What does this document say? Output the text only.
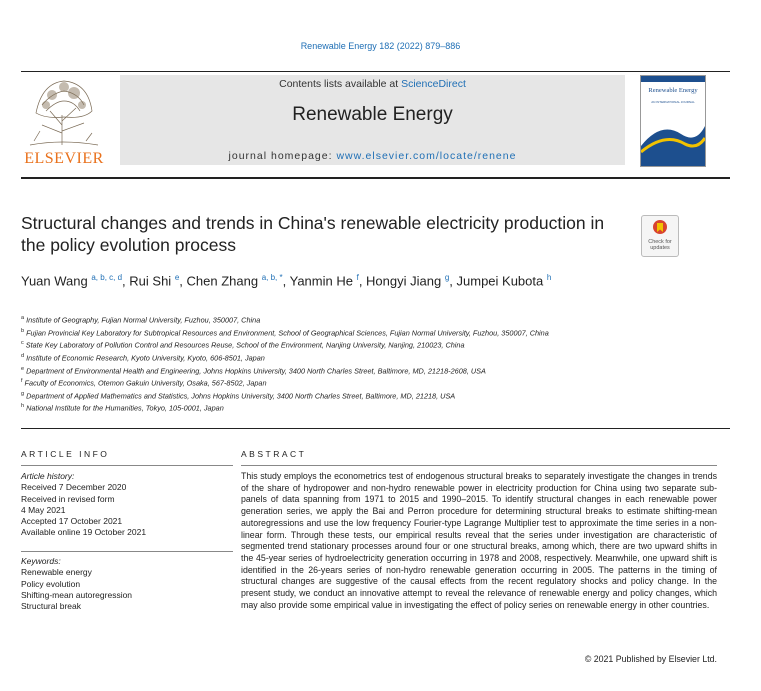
Renewable Energy 182 (2022) 879–886
ELSEVIER
Contents lists available at ScienceDirect
Renewable Energy
journal homepage: www.elsevier.com/locate/renene
Renewable Energy
AN INTERNATIONAL JOURNAL
Structural changes and trends in China's renewable electricity production in the policy evolution process	Check for updates
Yuan Wang $^{a, b, c, d}$, Rui Shi $^e$, Chen Zhang $^{a, b, *}$, Yanmin He $^f$, Hongyi Jiang $^g$, Jumpei Kubota $^h$
$^a$ Institute of Geography, Fujian Normal University, Fuzhou, 350007, China
$^b$ Fujian Provincial Key Laboratory for Subtropical Resources and Environment, School of Geographical Sciences, Fujian Normal University, Fuzhou, 350007, China
$^c$ State Key Laboratory of Pollution Control and Resources Reuse, School of the Environment, Nanjing University, Nanjing, 210023, China
$^d$ Institute of Economic Research, Kyoto University, Kyoto, 606-8501, Japan
$^e$ Department of Environmental Health and Engineering, Johns Hopkins University, 3400 North Charles Street, Baltimore, MD, 21218-2608, USA
$^f$ Faculty of Economics, Otemon Gakuin University, Osaka, 567-8502, Japan
$^g$ Department of Applied Mathematics and Statistics, Johns Hopkins University, 3400 North Charles Street, Baltimore, MD, 21218, USA
$^h$ National Institute for the Humanities, Tokyo, 105-0001, Japan
ARTICLE INFO
Article history:
Received 7 December 2020
Received in revised form
4 May 2021
Accepted 17 October 2021
Available online 19 October 2021
Keywords:
Renewable energy
Policy evolution
Shifting-mean autoregression
Structural break
ABSTRACT
This study employs the econometrics test of endogenous structural breaks to separately investigate the changes in trends of the share of hydropower and non-hydro renewable power in electricity production for China using two separate sub-panels of data spanning from 1971 to 2015 and 1990–2015. To identify structural changes in each renewable power generation series, we apply the Bai and Perron procedure for determining structural breaks to estimate shifting-mean autoregressions and use the low frequency Fourier-type Lagrange Multiplier test to approximate the time series in a non-linear form. Through these tests, our empirical results reveal that the series under investigation are characteristic of segmented trend stationary processes around four or one structural breaks, among which, there are two upward shifts in the 45-year series of hydroelectricity generation occurring in 1978 and 2008, respectively. Meanwhile, one upward shift is identified in the 26-years series of non-hydro renewable generation occurring in 2005. The patterns in the timing of structural changes are suggestive of the causal effects from the recent regulatory shocks and policy change. In the present study, we conduct an innovative attempt to reveal the relevance of renewable energy and policy changes, which may also provide some empirical value in investigating the effect of policy series on renewable energy in other countries.
© 2021 Published by Elsevier Ltd.
